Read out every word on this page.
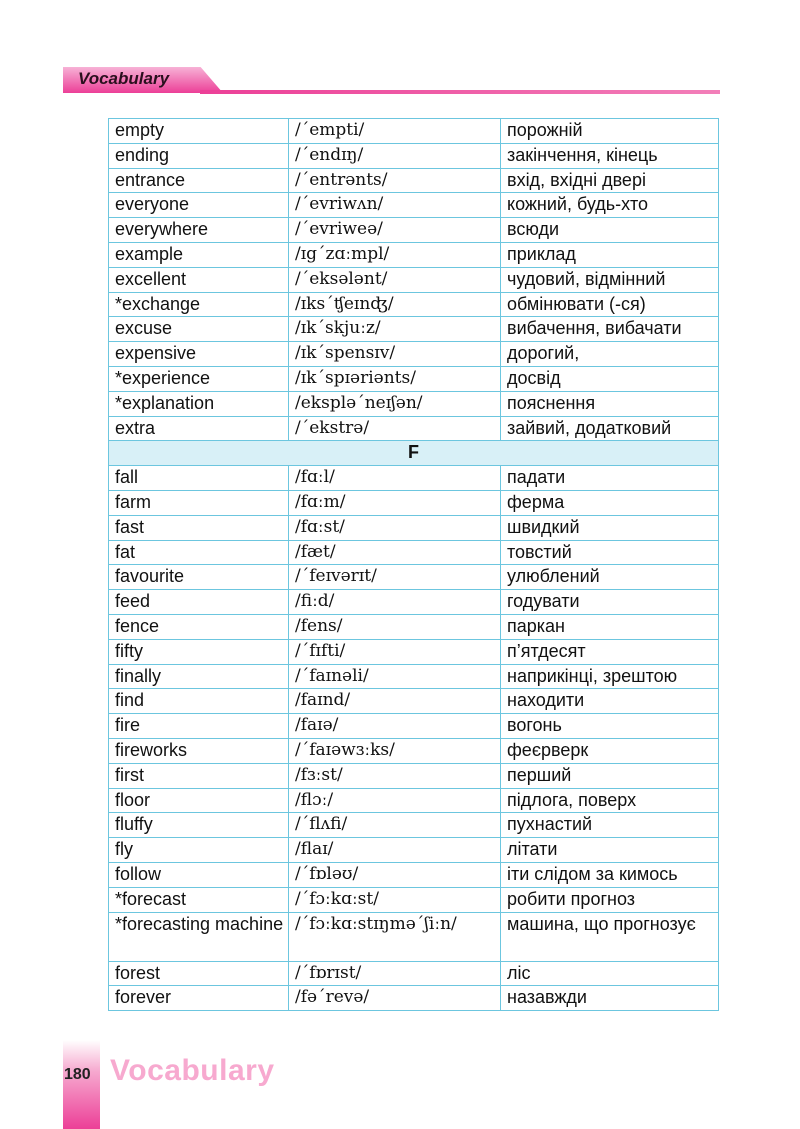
Vocabulary
empty	/ˊempti/	порожній
ending	/ˊendɪŋ/	закінчення, кінець
entrance	/ˊentrənts/	вхід, вхідні двері
everyone	/ˊevriwʌn/	кожний, будь-хто
everywhere	/ˊevriweə/	всюди
example	/ɪgˊzɑːmpl/	приклад
excellent	/ˊeksələnt/	чудовий, відмінний
*exchange	/ɪksˊʧeɪnʤ/	обмінювати (-ся)
excuse	/ɪkˊskjuːz/	вибачення, вибачати
expensive	/ɪkˊspensɪv/	дорогий,
*experience	/ɪkˊspɪəriənts/	досвід
*explanation	/ekspləˊneɪʃən/	пояснення
extra	/ˊekstrə/	зайвий, додатковий
F		
fall	/fɑːl/	падати
farm	/fɑːm/	ферма
fast	/fɑːst/	швидкий
fat	/fæt/	товстий
favourite	/ˊfeɪvərɪt/	улюблений
feed	/fiːd/	годувати
fence	/fens/	паркан
fifty	/ˊfɪfti/	п’ятдесят
finally	/ˊfaɪnəli/	наприкінці, зрештою
find	/faɪnd/	находити
fire	/faɪə/	вогонь
fireworks	/ˊfaɪəwɜːks/	феєрверк
first	/fɜːst/	перший
floor	/flɔː/	підлога, поверх
fluffy	/ˊflʌfi/	пухнастий
fly	/flaɪ/	літати
follow	/ˊfɒləʊ/	іти слідом за кимось
*forecast	/ˊfɔːkɑːst/	робити прогноз
*forecasting machine	/ˊfɔːkɑːstɪŋməˊʃiːn/	машина, що прогнозує
forest	/ˊfɒrɪst/	ліс
forever	/fəˊrevə/	назавжди
180 Vocabulary
